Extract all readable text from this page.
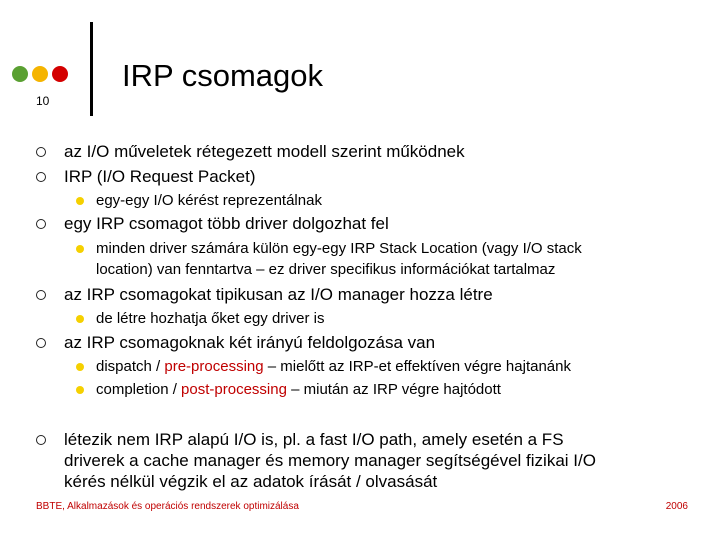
10
IRP csomagok
az I/O műveletek rétegezett modell szerint működnek
IRP (I/O Request Packet)
egy-egy I/O kérést reprezentálnak
egy IRP csomagot több driver dolgozhat fel
minden driver számára külön egy-egy IRP Stack Location (vagy I/O stack
location) van fenntartva – ez driver specifikus információkat tartalmaz
az IRP csomagokat tipikusan az I/O manager hozza létre
de létre hozhatja őket egy driver is
az IRP csomagoknak két irányú feldolgozása van
dispatch / pre-processing – mielőtt az IRP-et effektíven végre hajtanánk
completion / post-processing – miután az IRP végre hajtódott
létezik nem IRP alapú I/O is, pl. a fast I/O path, amely esetén a FS
driverek a cache manager és memory manager segítségével fizikai I/O
kérés nélkül végzik el az adatok írását / olvasását
BBTE, Alkalmazások és operációs rendszerek optimizálása	2006
